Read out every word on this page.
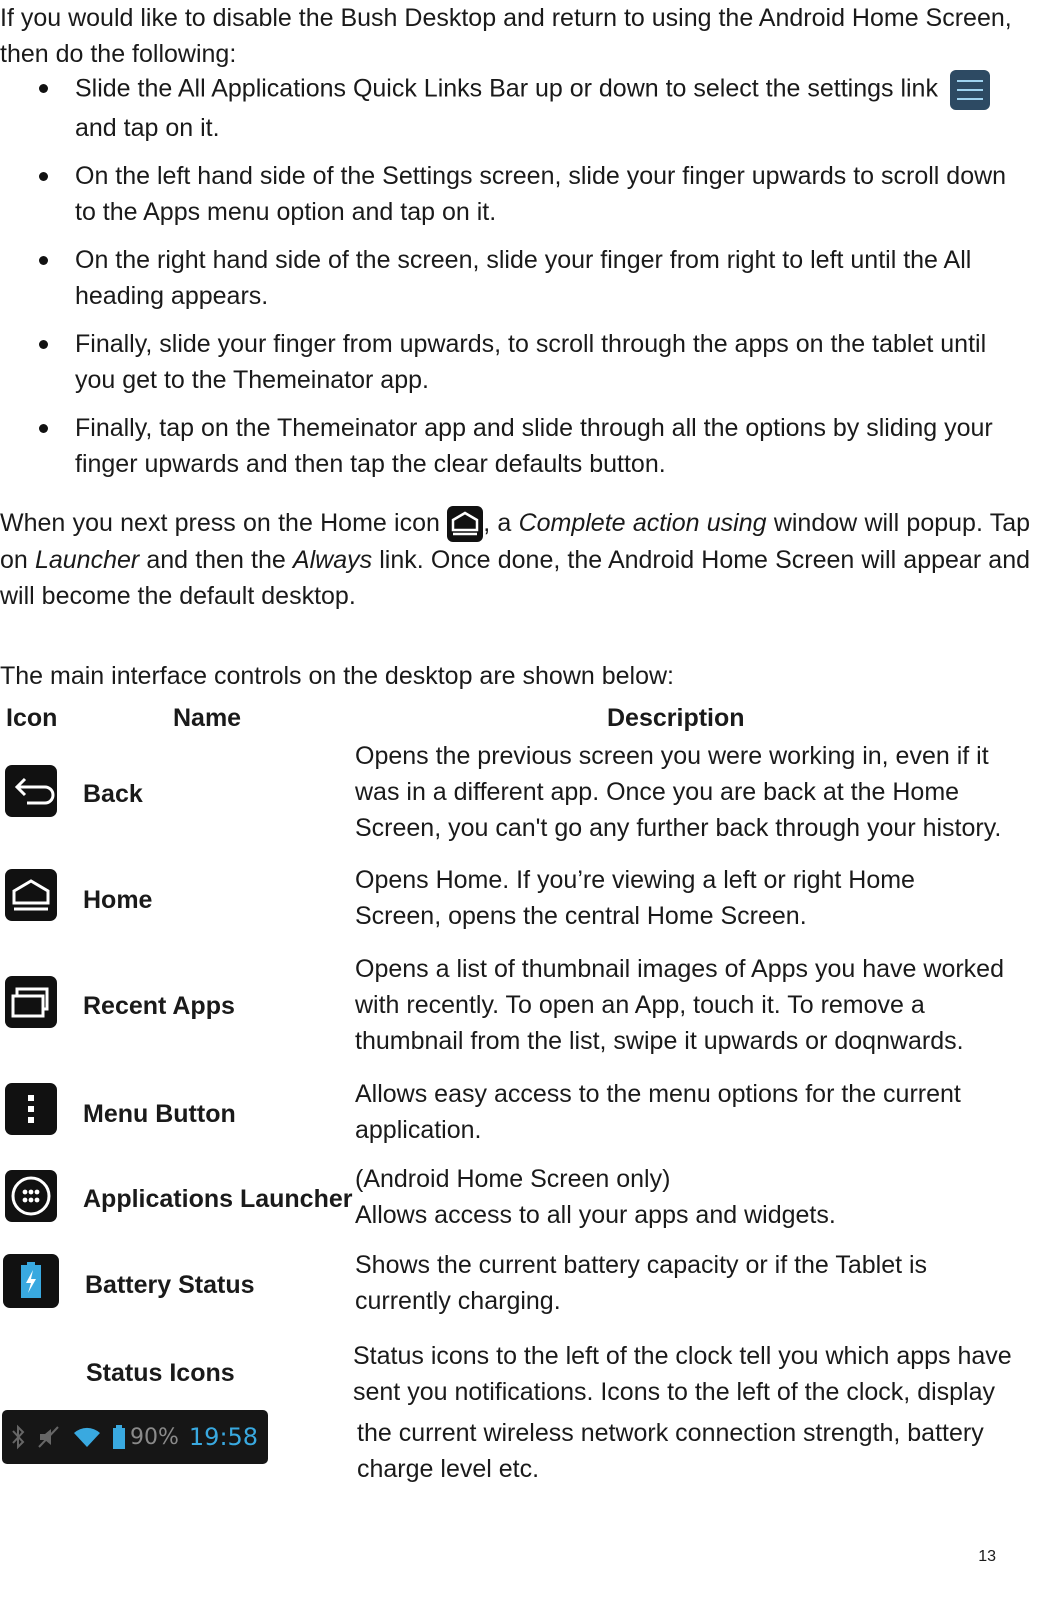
If you would like to disable the Bush Desktop and return to using the Android Home Screen, then do the following:

Slide the All Applications Quick Links Bar up or down to select the settings link

and tap on it.
On the left hand side of the Settings screen, slide your finger upwards to scroll down to the Apps menu option and tap on it.
On the right hand side of the screen, slide your finger from right to left until the All heading appears.
Finally, slide your finger from upwards, to scroll through the apps on the tablet until you get to the Themeinator app.
Finally, tap on the Themeinator app and slide through all the options by sliding your finger upwards and then tap the clear defaults button.

When you next press on the Home icon , a Complete action using window will popup. Tap on Launcher and then the Always link. Once done, the Android Home Screen will appear and will become the default desktop.

The main interface controls on the desktop are shown below:

Icon	Name	Description
Back
Opens the previous screen you were working in, even if it was in a different app. Once you are back at the Home Screen, you can't go any further back through your history.
Home
Opens Home. If you’re viewing a left or right Home Screen, opens the central Home Screen.
Recent Apps
Opens a list of thumbnail images of Apps you have worked with recently. To open an App, touch it. To remove a thumbnail from the list, swipe it upwards or doqnwards.
Menu Button
Allows easy access to the menu options for the current application.
Applications Launcher
(Android Home Screen only)
Allows access to all your apps and widgets.
Battery Status
Shows the current battery capacity or if the Tablet is currently charging.
Status Icons
Status icons to the left of the clock tell you which apps have sent you notifications. Icons to the left of the clock, display
the current wireless network connection strength, battery charge level etc.
90% 19:58
13
